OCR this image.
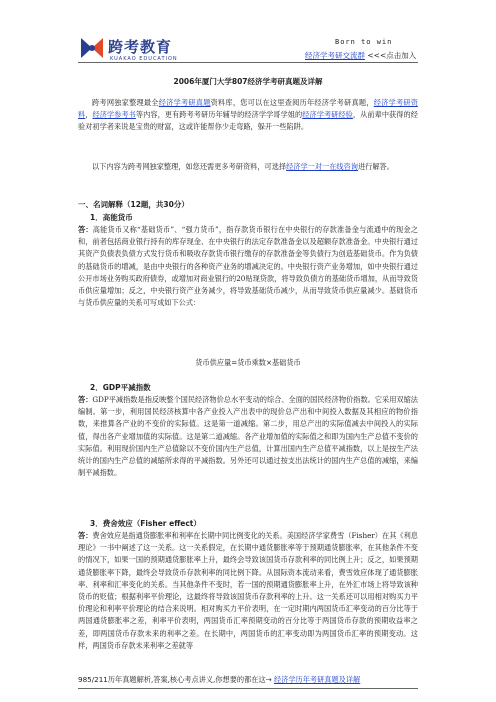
跨考教育
KUAKAO EDUCATION
Born to win
经济学考研交流群 <<<点击加入
2006年厦门大学807经济学考研真题及详解
跨考网独家整理最全经济学考研真题资料库，您可以在这里查阅历年经济学考研真题，经济学考研资料，经济学参考书等内容，更有跨考考研历年辅导的经济学学哥学姐的经济学考研经验，从前辈中获得的经验对初学者来说是宝贵的财富，这或许能帮你少走弯路，躲开一些陷阱。
以下内容为跨考网独家整理，如您还需更多考研资料，可选择经济学一对一在线咨询进行解答。
一、名词解释（12题，共30分）
1．高能货币
答：高能货币又称“基础货币”、“强力货币”，指存款货币银行在中央银行的存款准备金与流通中的现金之和，前者包括商业银行持有的库存现金、在中央银行的法定存款准备金以及超额存款准备金。中央银行通过其资产负债表负债方式发行货币和吸收存款货币银行缴存的存款准备金等负债行为创造基础货币。作为负债的基础货币的增减，是由中央银行的各种资产业务的增减决定的。中央银行资产业务增加，如中央银行通过公开市场业务购买政府债券，或增加对商业银行的20贴现贷款，将导致负债方的基础货币增加，从而导致货币供应量增加；反之，中央银行资产业务减少，将导致基础货币减少，从而导致货币供应量减少。基础货币与货币供应量的关系可写成如下公式：
货币供应量=货币乘数×基础货币
2．GDP平减指数
答：GDP平减指数是指反映整个国民经济物价总水平变动的综合、全面的国民经济物价指数。它采用双缩法编制。第一步，利用国民经济核算中各产业投入产出表中的现价总产出和中间投入数据及其相应的物价指数，来推算各产业的不变价的实际值。这是第一道减缩。第二步，用总产出的实际值减去中间投入的实际值，得出各产业增加值的实际值。这是第二道减缩。各产业增加值的实际值之和即为国内生产总值不变价的实际值。利用现价国内生产总值除以不变价国内生产总值，计算出国内生产总值平减指数，以上是按生产法统计的国内生产总值的减缩所求得的平减指数。另外还可以通过按支出法统计的国内生产总值的减缩，来编制平减指数。
3．费舍效应（Fisher effect）
答：费舍效应是指通货膨胀率和利率在长期中同比例变化的关系。美国经济学家费雪（Fisher）在其《利息理论》一书中阐述了这一关系。这一关系假定，在长期中通货膨胀率等于预期通货膨胀率，在其他条件不变的情况下，如果一国的预期通货膨胀率上升，最终会导致该国货币存款利率的同比例上升；反之，如果预期通货膨胀率下降，最终会导致货币存款利率的同比例下降。从国际资本流动来看，费雪效应体现了通货膨胀率、利率和汇率变化的关系。当其他条件不变时，若一国的预期通货膨胀率上升，在外汇市场上将导致该种货币的贬值；根据利率平价理论，这最终将导致该国货币存款利率的上升。这一关系还可以用相对购买力平价理论和利率平价理论的结合来说明。相对购买力平价表明，在一定时期内两国货币汇率变动的百分比等于两国通货膨胀率之差，利率平价表明，两国货币汇率预期变动的百分比等于两国货币存款的预期收益率之差，即两国货币存款未来的利率之差。在长期中，两国货币的汇率变动即为两国货币汇率的预期变动。这样，两国货币存款未来利率之差就等
985/211历年真题解析,答案,核心考点讲义,你想要的都在这→ 经济学历年考研真题及详解
